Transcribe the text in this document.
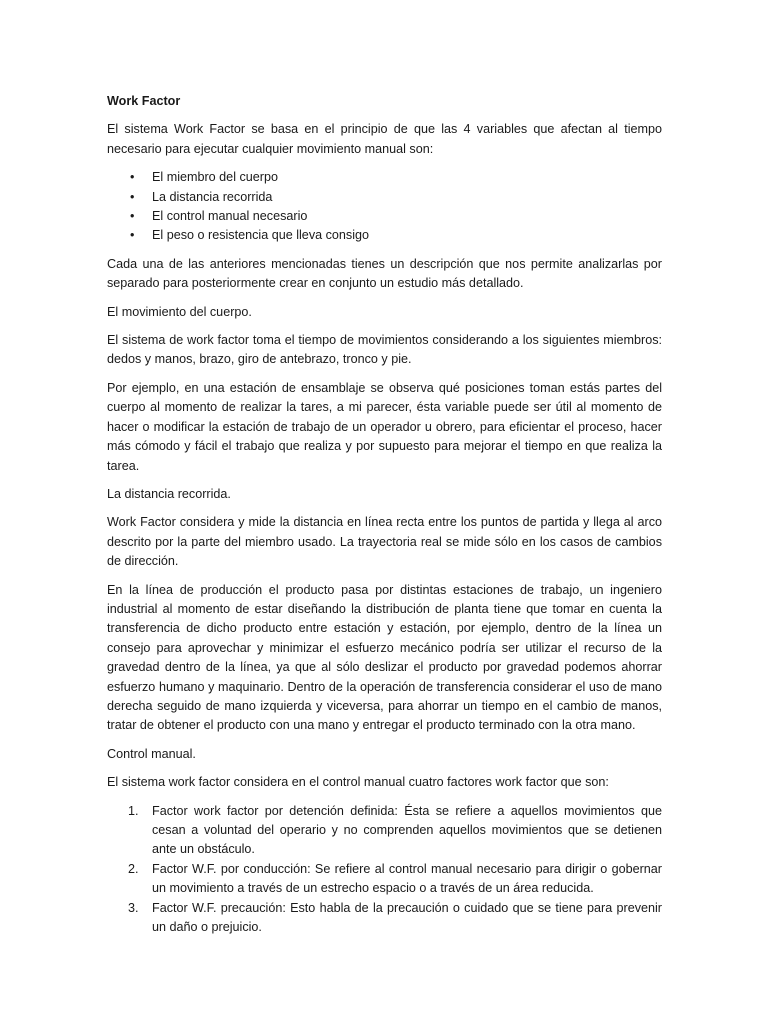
Work Factor

El sistema Work Factor se basa en el principio de que las 4 variables que afectan al tiempo necesario para ejecutar cualquier movimiento manual son:

• El miembro del cuerpo
• La distancia recorrida
• El control manual necesario
• El peso o resistencia que lleva consigo

Cada una de las anteriores mencionadas tienes un descripción que nos permite analizarlas por separado para posteriormente crear en conjunto un estudio más detallado.

El movimiento del cuerpo.

El sistema de work factor toma el tiempo de movimientos considerando a los siguientes miembros: dedos y manos, brazo, giro de antebrazo, tronco y pie.

Por ejemplo, en una estación de ensamblaje se observa qué posiciones toman estás partes del cuerpo al momento de realizar la tares, a mi parecer, ésta variable puede ser útil al momento de hacer o modificar la estación de trabajo de un operador u obrero, para eficientar el proceso, hacer más cómodo y fácil el trabajo que realiza y por supuesto para mejorar el tiempo en que realiza la tarea.

La distancia recorrida.

Work Factor considera y mide la distancia en línea recta entre los puntos de partida y llega al arco descrito por la parte del miembro usado. La trayectoria real se mide sólo en los casos de cambios de dirección.

En la línea de producción el producto pasa por distintas estaciones de trabajo, un ingeniero industrial al momento de estar diseñando la distribución de planta tiene que tomar en cuenta la transferencia de dicho producto entre estación y estación, por ejemplo, dentro de la línea un consejo para aprovechar y minimizar el esfuerzo mecánico podría ser utilizar el recurso de la gravedad dentro de la línea, ya que al sólo deslizar el producto por gravedad podemos ahorrar esfuerzo humano y maquinario. Dentro de la operación de transferencia considerar el uso de mano derecha seguido de mano izquierda y viceversa, para ahorrar un tiempo en el cambio de manos, tratar de obtener el producto con una mano y entregar el producto terminado con la otra mano.

Control manual.

El sistema work factor considera en el control manual cuatro factores work factor que son:

1. Factor work factor por detención definida: Ésta se refiere a aquellos movimientos que cesan a voluntad del operario y no comprenden aquellos movimientos que se detienen ante un obstáculo.
2. Factor W.F. por conducción: Se refiere al control manual necesario para dirigir o gobernar un movimiento a través de un estrecho espacio o a través de un área reducida.
3. Factor W.F. precaución: Esto habla de la precaución o cuidado que se tiene para prevenir un daño o prejuicio.
